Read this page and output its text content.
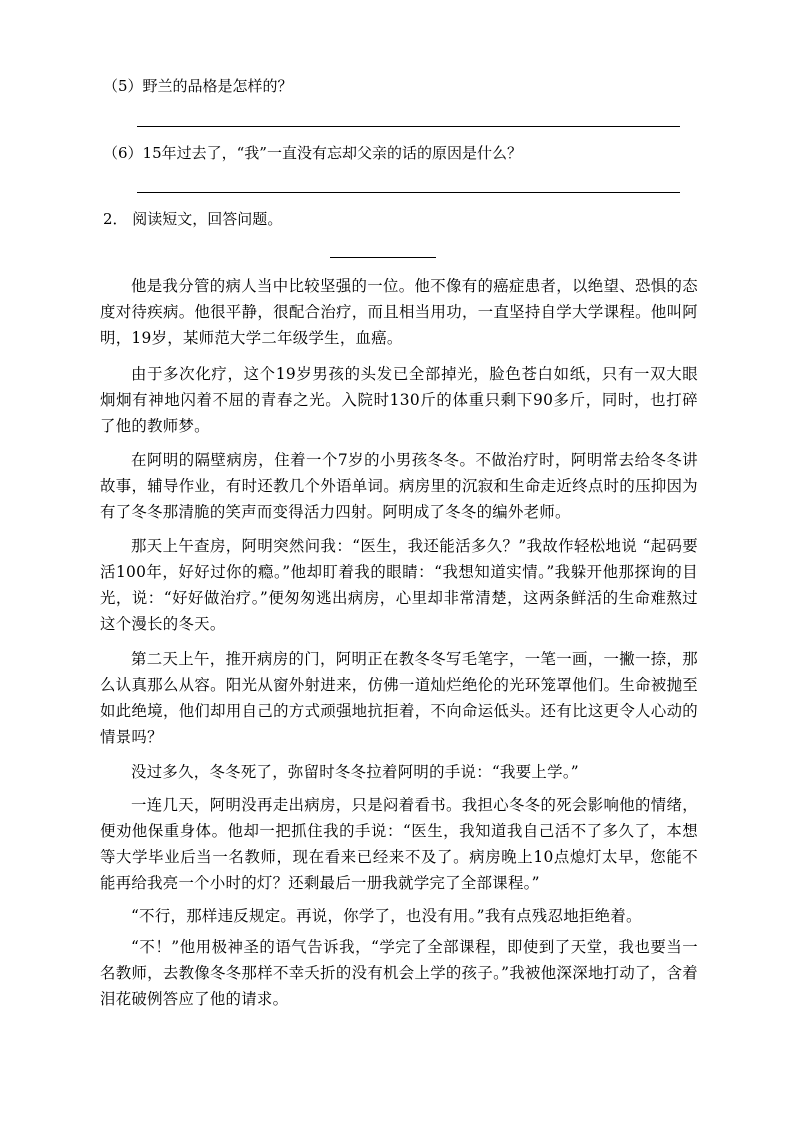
（5）野兰的品格是怎样的？
（6）15年过去了，“我”一直没有忘却父亲的话的原因是什么？
2． 阅读短文，回答问题。

他是我分管的病人当中比较坚强的一位。他不像有的癌症患者，以绝望、恐惧的态度对待疾病。他很平静，很配合治疗，而且相当用功，一直坚持自学大学课程。他叫阿明，19岁，某师范大学二年级学生，血癌。

由于多次化疗，这个19岁男孩的头发已全部掉光，脸色苍白如纸，只有一双大眼炯炯有神地闪着不屈的青春之光。入院时130斤的体重只剩下90多斤，同时，也打碎了他的教师梦。

在阿明的隔壁病房，住着一个7岁的小男孩冬冬。不做治疗时，阿明常去给冬冬讲故事，辅导作业，有时还教几个外语单词。病房里的沉寂和生命走近终点时的压抑因为有了冬冬那清脆的笑声而变得活力四射。阿明成了冬冬的编外老师。

那天上午查房，阿明突然问我：“医生，我还能活多久？”我故作轻松地说 “起码要活100年，好好过你的瘾。”他却盯着我的眼睛：“我想知道实情。”我躲开他那探询的目光，说：“好好做治疗。”便匆匆逃出病房，心里却非常清楚，这两条鲜活的生命难熬过这个漫长的冬天。

第二天上午，推开病房的门，阿明正在教冬冬写毛笔字，一笔一画，一撇一捺，那么认真那么从容。阳光从窗外射进来，仿佛一道灿烂绝伦的光环笼罩他们。生命被抛至如此绝境，他们却用自己的方式顽强地抗拒着，不向命运低头。还有比这更令人心动的情景吗？

没过多久，冬冬死了，弥留时冬冬拉着阿明的手说：“我要上学。”

一连几天，阿明没再走出病房，只是闷着看书。我担心冬冬的死会影响他的情绪，便劝他保重身体。他却一把抓住我的手说：“医生，我知道我自己活不了多久了，本想等大学毕业后当一名教师，现在看来已经来不及了。病房晚上10点熄灯太早，您能不能再给我亮一个小时的灯？还剩最后一册我就学完了全部课程。”

“不行，那样违反规定。再说，你学了，也没有用。”我有点残忍地拒绝着。

“不！”他用极神圣的语气告诉我，“学完了全部课程，即使到了天堂，我也要当一名教师，去教像冬冬那样不幸夭折的没有机会上学的孩子。”我被他深深地打动了，含着泪花破例答应了他的请求。
